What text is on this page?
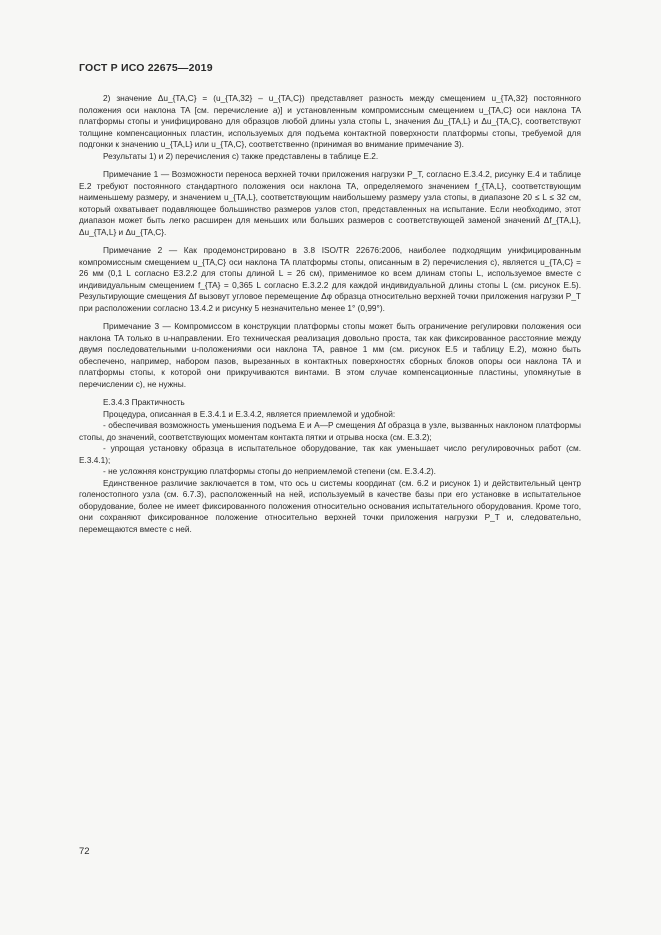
ГОСТ Р ИСО 22675—2019

2) значение Δu_{TA,C} = (u_{TA,32} – u_{TA,C}) представляет разность между смещением u_{TA,32} постоянного положения оси наклона TA [см. перечисление а)] и установленным компромиссным смещением u_{TA,C} оси наклона TA платформы стопы и унифицировано для образцов любой длины узла стопы L, значения Δu_{TA,L} и Δu_{TA,C}, соответствуют толщине компенсационных пластин, используемых для подъема контактной поверхности платформы стопы, требуемой для подгонки к значению u_{TA,L} или u_{TA,C}, соответственно (принимая во внимание примечание 3).

Результаты 1) и 2) перечисления с) также представлены в таблице Е.2.

Примечание 1 — Возможности переноса верхней точки приложения нагрузки P_T, согласно Е.3.4.2, рисунку Е.4 и таблице Е.2 требуют постоянного стандартного положения оси наклона TA, определяемого значением f_{TA,L}, соответствующим наименьшему размеру, и значением u_{TA,L}, соответствующим наибольшему размеру узла стопы, в диапазоне 20 ≤ L ≤ 32 см, который охватывает подавляющее большинство размеров узлов стоп, представленных на испытание. Если необходимо, этот диапазон может быть легко расширен для меньших или больших размеров с соответствующей заменой значений Δf_{TA,L}, Δu_{TA,L} и Δu_{TA,C}.

Примечание 2 — Как продемонстрировано в 3.8 ISO/TR 22676:2006, наиболее подходящим унифицированным компромиссным смещением u_{TA,C} оси наклона TA платформы стопы, описанным в 2) перечисления с), является u_{TA,C} = 26 мм (0,1 L согласно Е3.2.2 для стопы длиной L = 26 см), применимое ко всем длинам стопы L, используемое вместе с индивидуальным смещением f_{TA} = 0,365 L согласно Е.3.2.2 для каждой индивидуальной длины стопы L (см. рисунок Е.5). Результирующие смещения Δf вызовут угловое перемещение Δφ образца относительно верхней точки приложения нагрузки P_T при расположении согласно 13.4.2 и рисунку 5 незначительно менее 1° (0,99°).

Примечание 3 — Компромиссом в конструкции платформы стопы может быть ограничение регулировки положения оси наклона TA только в u-направлении. Его техническая реализация довольно проста, так как фиксированное расстояние между двумя последовательными u-положениями оси наклона TA, равное 1 мм (см. рисунок Е.5 и таблицу Е.2), можно быть обеспечено, например, набором пазов, вырезанных в контактных поверхностях сборных блоков опоры оси наклона TA и платформы стопы, к которой они прикручиваются винтами. В этом случае компенсационные пластины, упомянутые в перечислении с), не нужны.

Е.3.4.3 Практичность

Процедура, описанная в Е.3.4.1 и Е.3.4.2, является приемлемой и удобной:

- обеспечивая возможность уменьшения подъема E и A—P смещения Δf образца в узле, вызванных наклоном платформы стопы, до значений, соответствующих моментам контакта пятки и отрыва носка (см. Е.3.2);

- упрощая установку образца в испытательное оборудование, так как уменьшает число регулировочных работ (см. Е.3.4.1);

- не усложняя конструкцию платформы стопы до неприемлемой степени (см. Е.3.4.2).

Единственное различие заключается в том, что ось u системы координат (см. 6.2 и рисунок 1) и действительный центр голеностопного узла (см. 6.7.3), расположенный на ней, используемый в качестве базы при его установке в испытательное оборудование, более не имеет фиксированного положения относительно основания испытательного оборудования. Кроме того, они сохраняют фиксированное положение относительно верхней точки приложения нагрузки P_T и, следовательно, перемещаются вместе с ней.

72
